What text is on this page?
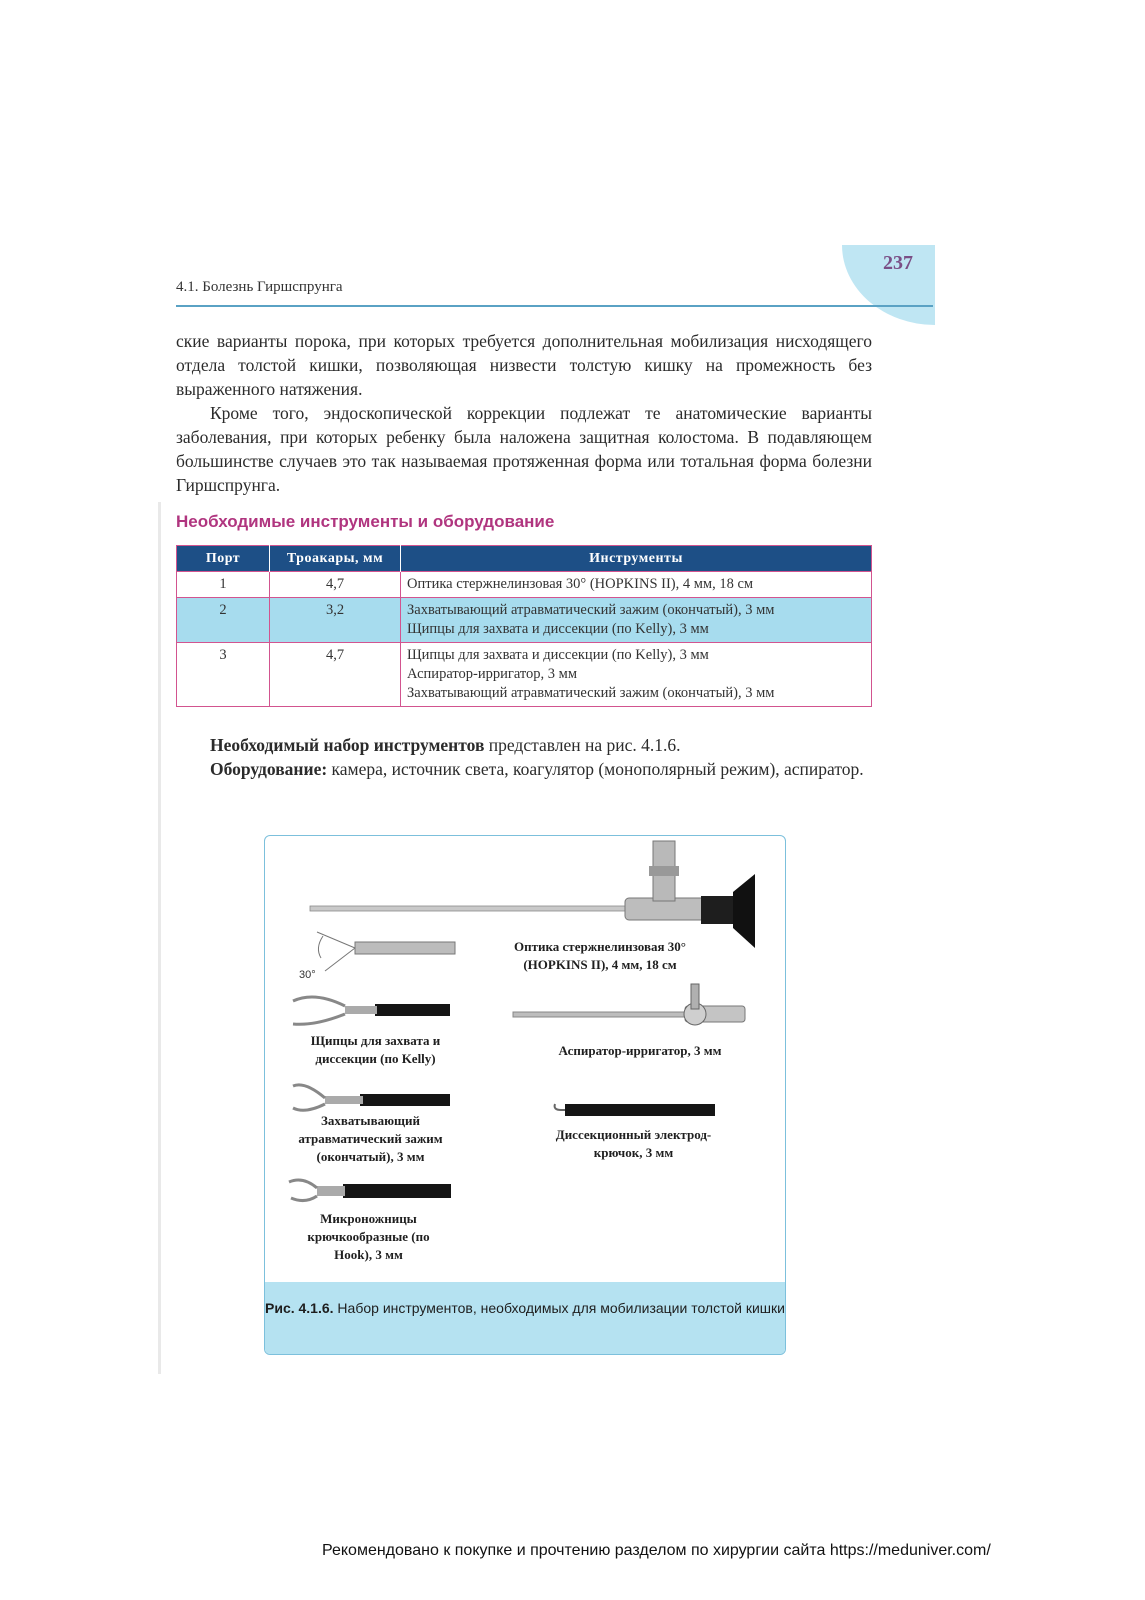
237
4.1. Болезнь Гиршспрунга

ские варианты порока, при которых требуется дополнительная мобилизация нисходящего отдела толстой кишки, позволяющая низвести толстую кишку на промежность без выраженного натяжения.

Кроме того, эндоскопической коррекции подлежат те анатомические варианты заболевания, при которых ребенку была наложена защитная колостома. В подавляющем большинстве случаев это так называемая протяженная форма или тотальная форма болезни Гиршспрунга.

Необходимые инструменты и оборудование
Порт	Троакары, мм	Инструменты
1	4,7	Оптика стержнелинзовая 30° (HOPKINS II), 4 мм, 18 см

2	3,2	Захватывающий атравматический зажим (окончатый), 3 мм
Щипцы для захвата и диссекции (по Kelly), 3 мм

3	4,7	Щипцы для захвата и диссекции (по Kelly), 3 мм
Аспиратор-ирригатор, 3 мм
Захватывающий атравматический зажим (окончатый), 3 мм

Необходимый набор инструментов представлен на рис. 4.1.6.

Оборудование: камера, источник света, коагулятор (монополярный режим), аспиратор.

30°
Оптика стержнелинзовая 30° (HOPKINS II), 4 мм, 18 см
Щипцы для захвата и диссекции (по Kelly)
Аспиратор-ирригатор, 3 мм
Захватывающий атравматический зажим (окончатый), 3 мм
Диссекционный электрод-крючок, 3 мм
Микроножницы крючкообразные (по Hook), 3 мм
Рис. 4.1.6. Набор инструментов, необходимых для мобилизации толстой кишки
Рекомендовано к покупке и прочтению разделом по хирургии сайта https://meduniver.com/
